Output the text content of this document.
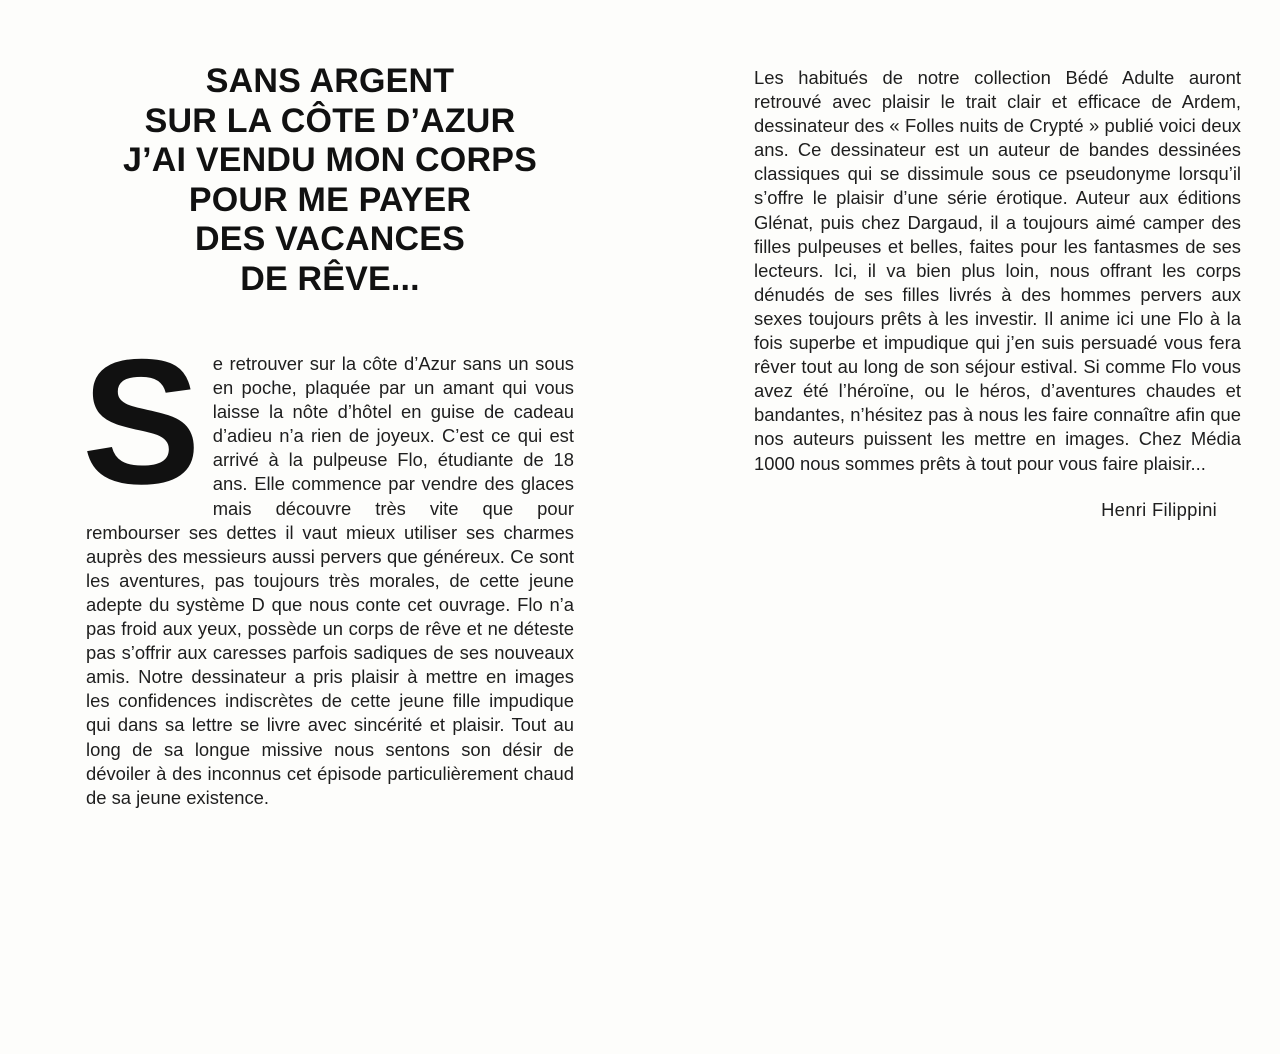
SANS ARGENT
SUR LA CÔTE D’AZUR
J’AI VENDU MON CORPS
POUR ME PAYER
DES VACANCES
DE RÊVE...
S e retrouver sur la côte d’Azur sans un sous en poche, plaquée par un amant qui vous laisse la nôte d’hôtel en guise de cadeau d’adieu n’a rien de joyeux. C’est ce qui est arrivé à la pulpeuse Flo, étudiante de 18 ans. Elle commence par vendre des glaces mais découvre très vite que pour rembourser ses dettes il vaut mieux utiliser ses charmes auprès des messieurs aussi pervers que généreux. Ce sont les aventures, pas toujours très morales, de cette jeune adepte du système D que nous conte cet ouvrage. Flo n’a pas froid aux yeux, possède un corps de rêve et ne déteste pas s’offrir aux caresses parfois sadiques de ses nouveaux amis. Notre dessinateur a pris plaisir à mettre en images les confidences indiscrètes de cette jeune fille impudique qui dans sa lettre se livre avec sincérité et plaisir. Tout au long de sa longue missive nous sentons son désir de dévoiler à des inconnus cet épisode particulièrement chaud de sa jeune existence.

Les habitués de notre collection Bédé Adulte auront retrouvé avec plaisir le trait clair et efficace de Ardem, dessinateur des « Folles nuits de Crypté » publié voici deux ans. Ce dessinateur est un auteur de bandes dessinées classiques qui se dissimule sous ce pseudonyme lorsqu’il s’offre le plaisir d’une série érotique. Auteur aux éditions Glénat, puis chez Dargaud, il a toujours aimé camper des filles pulpeuses et belles, faites pour les fantasmes de ses lecteurs. Ici, il va bien plus loin, nous offrant les corps dénudés de ses filles livrés à des hommes pervers aux sexes toujours prêts à les investir. Il anime ici une Flo à la fois superbe et impudique qui j’en suis persuadé vous fera rêver tout au long de son séjour estival. Si comme Flo vous avez été l’héroïne, ou le héros, d’aventures chaudes et bandantes, n’hésitez pas à nous les faire connaître afin que nos auteurs puissent les mettre en images. Chez Média 1000 nous sommes prêts à tout pour vous faire plaisir...

Henri Filippini
